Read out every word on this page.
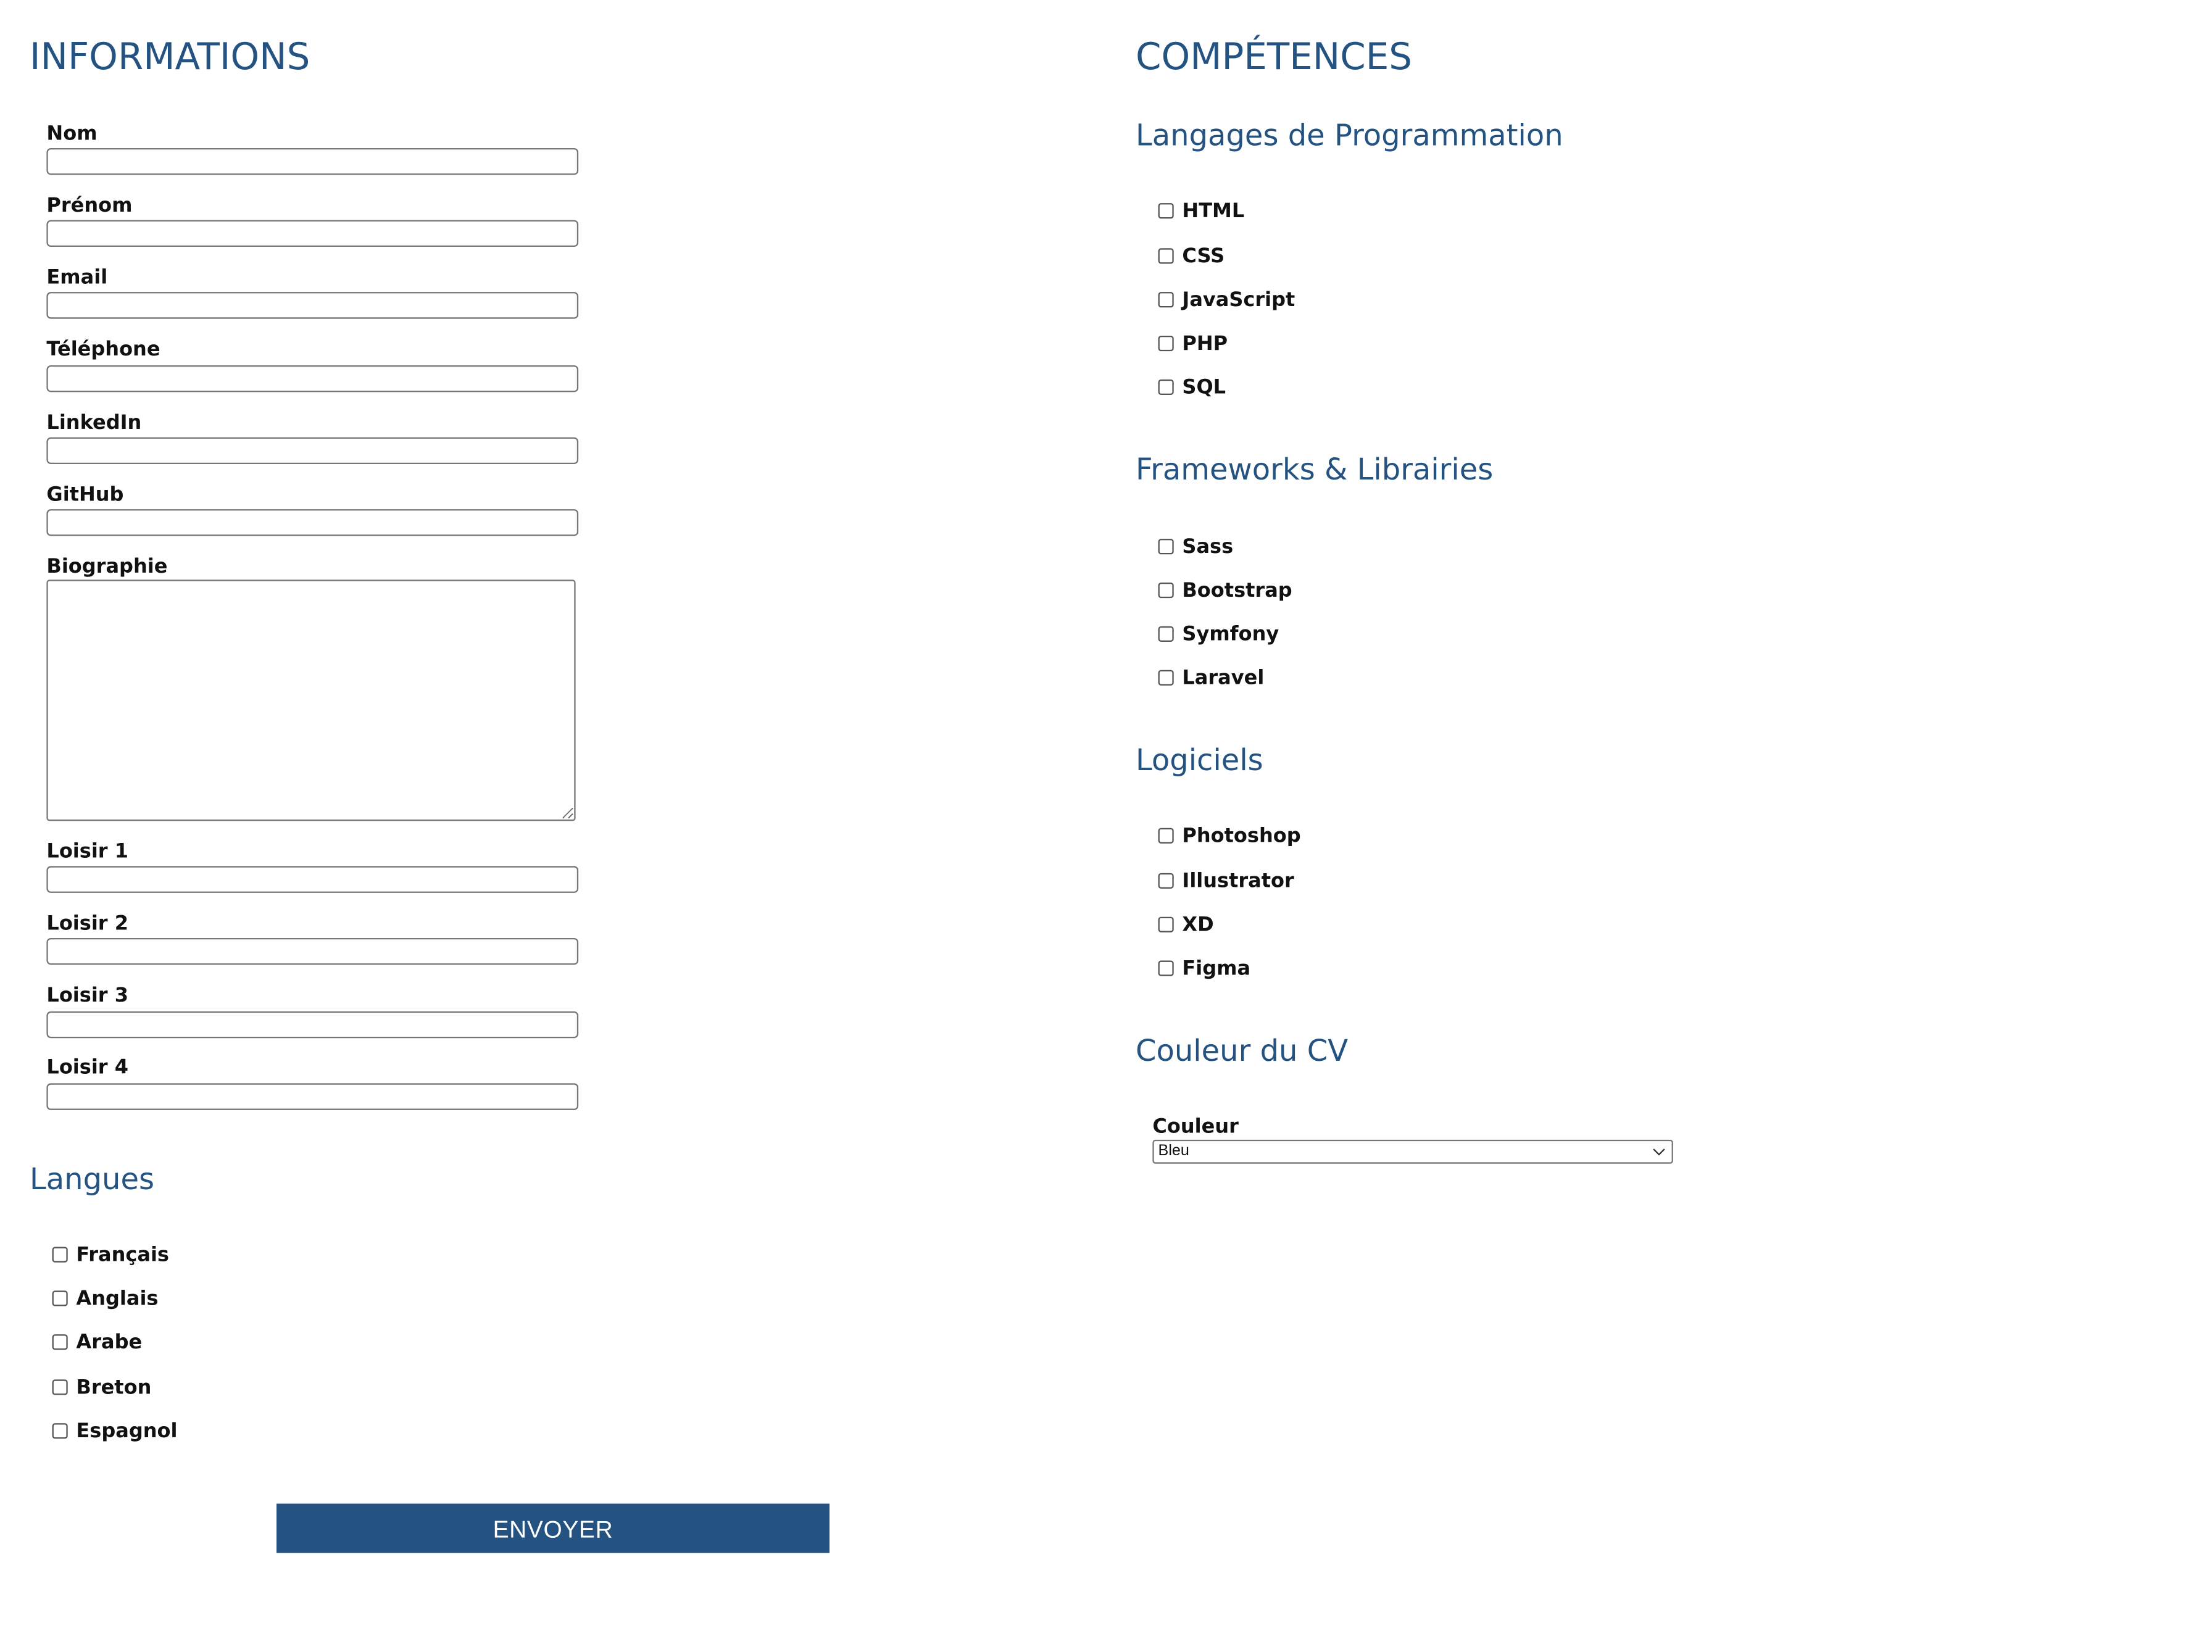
INFORMATIONS
Nom
Prénom
Email
Téléphone
LinkedIn
GitHub
Biographie
Loisir 1
Loisir 2
Loisir 3
Loisir 4
Langues
Français
Anglais
Arabe
Breton
Espagnol
ENVOYER
COMPÉTENCES
Langages de Programmation
HTML
CSS
JavaScript
PHP
SQL
Frameworks & Librairies
Sass
Bootstrap
Symfony
Laravel
Logiciels
Photoshop
Illustrator
XD
Figma
Couleur du CV
Couleur
Bleu
